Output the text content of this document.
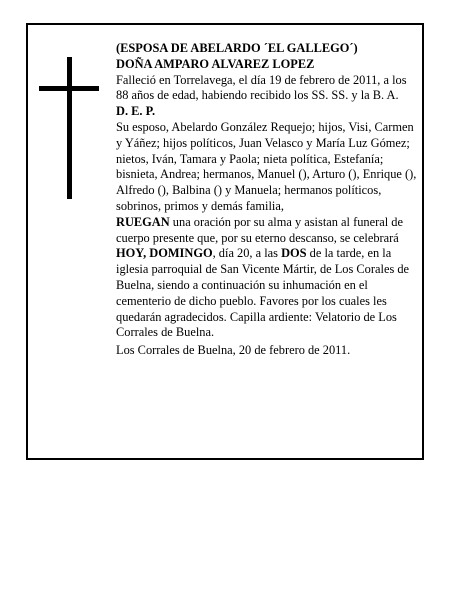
(ESPOSA DE ABELARDO ´EL GALLEGO´)

DOÑA AMPARO ALVAREZ LOPEZ

Falleció en Torrelavega, el día 19 de febrero de 2011, a los 88 años de edad, habiendo recibido los SS. SS. y la B. A.

D. E. P.

Su esposo, Abelardo González Requejo; hijos, Visi, Carmen y Yáñez; hijos políticos, Juan Velasco y María Luz Gómez; nietos, Iván, Tamara y Paola; nieta política, Estefanía; bisnieta, Andrea; hermanos, Manuel (), Arturo (), Enrique (), Alfredo (), Balbina () y Manuela; hermanos políticos, sobrinos, primos y demás familia,

RUEGAN una oración por su alma y asistan al funeral de cuerpo presente que, por su eterno descanso, se celebrará HOY, DOMINGO, día 20, a las DOS de la tarde, en la iglesia parroquial de San Vicente Mártir, de Los Corales de Buelna, siendo a continuación su inhumación en el cementerio de dicho pueblo. Favores por los cuales les quedarán agradecidos. Capilla ardiente: Velatorio de Los Corrales de Buelna.

Los Corrales de Buelna, 20 de febrero de 2011.
